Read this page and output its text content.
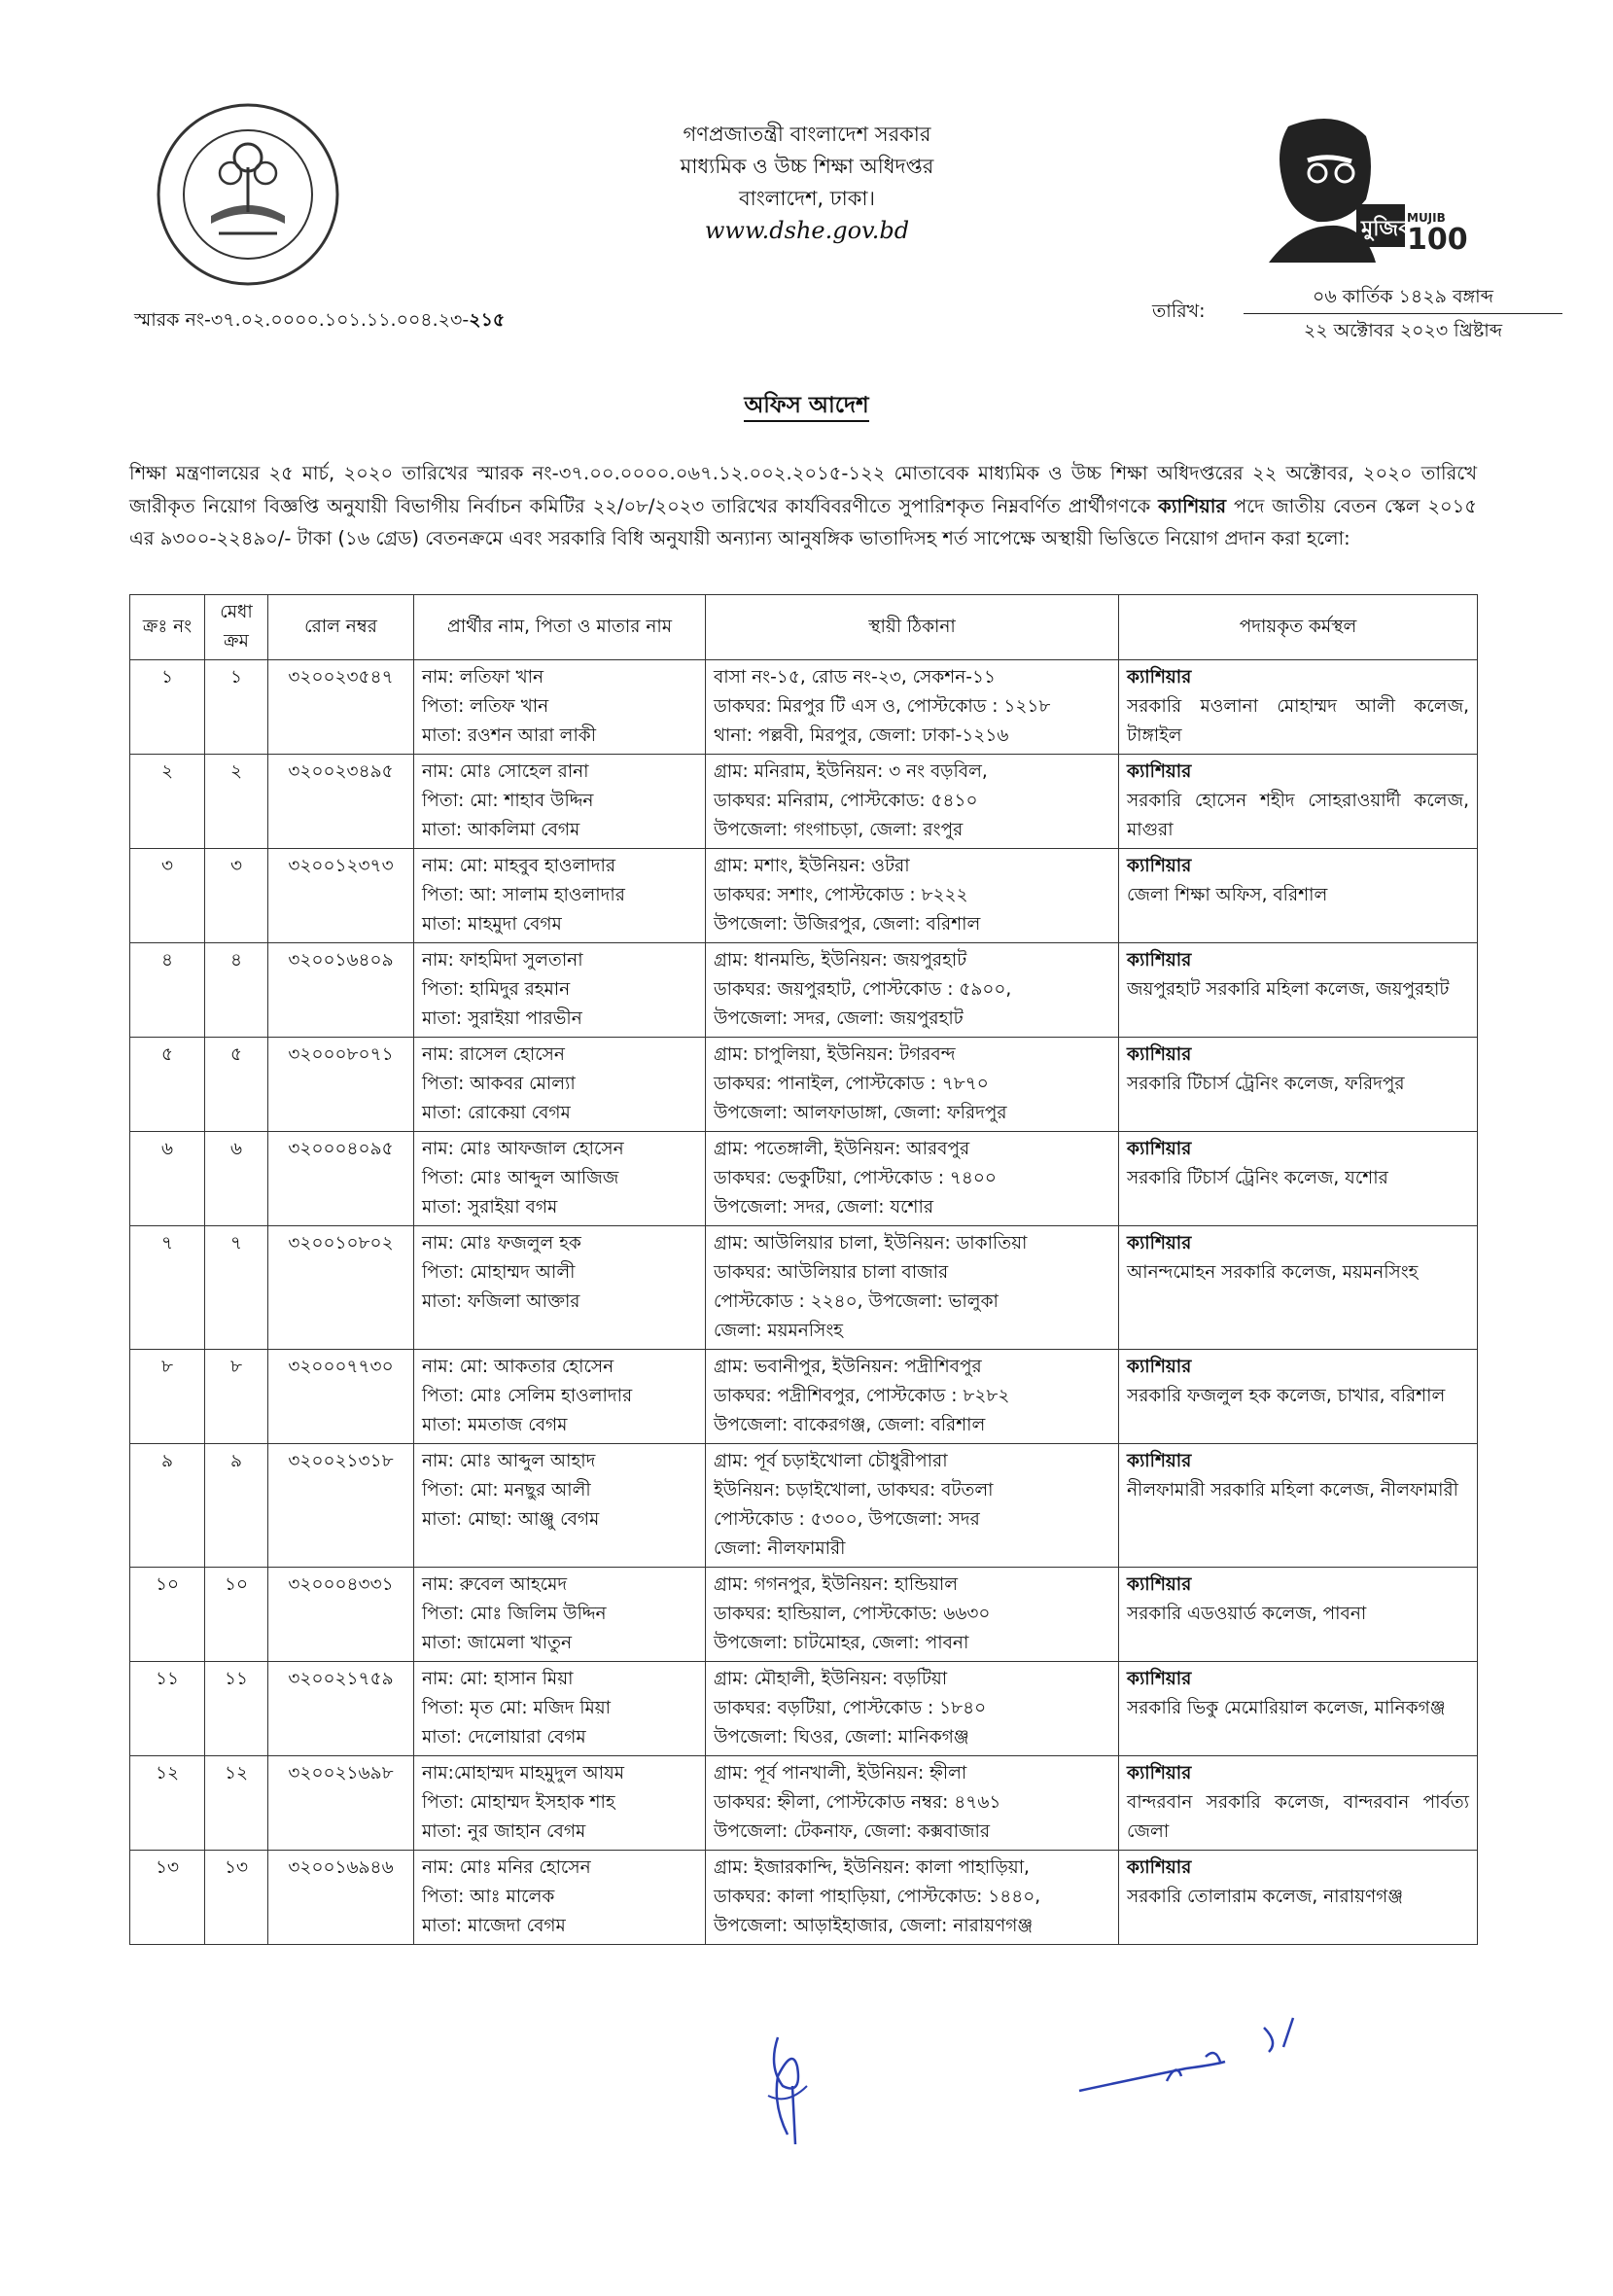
মুজিব
MUJIB
100
গণপ্রজাতন্ত্রী বাংলাদেশ সরকার
মাধ্যমিক ও উচ্চ শিক্ষা অধিদপ্তর
বাংলাদেশ, ঢাকা।
www.dshe.gov.bd
স্মারক নং-৩৭.০২.০০০০.১০১.১১.০০৪.২৩-২১৫	তারিখ:
০৬ কার্তিক ১৪২৯ বঙ্গাব্দ
২২ অক্টোবর ২০২৩ খ্রিষ্টাব্দ
অফিস আদেশ
শিক্ষা মন্ত্রণালয়ের ২৫ মার্চ, ২০২০ তারিখের স্মারক নং-৩৭.০০.০০০০.০৬৭.১২.০০২.২০১৫-১২২ মোতাবেক মাধ্যমিক ও উচ্চ শিক্ষা অধিদপ্তরের ২২ অক্টোবর, ২০২০ তারিখে জারীকৃত নিয়োগ বিজ্ঞপ্তি অনুযায়ী বিভাগীয় নির্বাচন কমিটির ২২/০৮/২০২৩ তারিখের কার্যবিবরণীতে সুপারিশকৃত নিম্নবর্ণিত প্রার্থীগণকে ক্যাশিয়ার পদে জাতীয় বেতন স্কেল ২০১৫ এর ৯৩০০-২২৪৯০/- টাকা (১৬ গ্রেড) বেতনক্রমে এবং সরকারি বিধি অনুযায়ী অন্যান্য আনুষঙ্গিক ভাতাদিসহ শর্ত সাপেক্ষে অস্থায়ী ভিত্তিতে নিয়োগ প্রদান করা হলো:
ক্রঃ নং	মেধা ক্রম	রোল নম্বর	প্রার্থীর নাম, পিতা ও মাতার নাম	স্থায়ী ঠিকানা	পদায়কৃত কর্মস্থল
১	১	৩২০০২৩৫৪৭	নাম: লতিফা খান
পিতা: লতিফ খান
মাতা: রওশন আরা লাকী	বাসা নং-১৫, রোড নং-২৩, সেকশন-১১
ডাকঘর: মিরপুর টি এস ও, পোস্টকোড : ১২১৮
থানা: পল্লবী, মিরপুর, জেলা: ঢাকা-১২১৬	ক্যাশিয়ার
সরকারি মওলানা মোহাম্মদ আলী কলেজ, টাঙ্গাইল

২	২	৩২০০২৩৪৯৫	নাম: মোঃ সোহেল রানা
পিতা: মো: শাহাব উদ্দিন
মাতা: আকলিমা বেগম	গ্রাম: মনিরাম, ইউনিয়ন: ৩ নং বড়বিল,
ডাকঘর: মনিরাম, পোস্টকোড: ৫৪১০
উপজেলা: গংগাচড়া, জেলা: রংপুর	ক্যাশিয়ার
সরকারি হোসেন শহীদ সোহরাওয়ার্দী কলেজ, মাগুরা

৩	৩	৩২০০১২৩৭৩	নাম: মো: মাহবুব হাওলাদার
পিতা: আ: সালাম হাওলাদার
মাতা: মাহমুদা বেগম	গ্রাম: মশাং, ইউনিয়ন: ওটরা
ডাকঘর: সশাং, পোস্টকোড : ৮২২২
উপজেলা: উজিরপুর, জেলা: বরিশাল	ক্যাশিয়ার
জেলা শিক্ষা অফিস, বরিশাল

৪	৪	৩২০০১৬৪০৯	নাম: ফাহমিদা সুলতানা
পিতা: হামিদুর রহমান
মাতা: সুরাইয়া পারভীন	গ্রাম: ধানমন্ডি, ইউনিয়ন: জয়পুরহাট
ডাকঘর: জয়পুরহাট, পোস্টকোড : ৫৯০০,
উপজেলা: সদর, জেলা: জয়পুরহাট	ক্যাশিয়ার
জয়পুরহাট সরকারি মহিলা কলেজ, জয়পুরহাট

৫	৫	৩২০০০৮০৭১	নাম: রাসেল হোসেন
পিতা: আকবর মোল্যা
মাতা: রোকেয়া বেগম	গ্রাম: চাপুলিয়া, ইউনিয়ন: টগরবন্দ
ডাকঘর: পানাইল, পোস্টকোড : ৭৮৭০
উপজেলা: আলফাডাঙ্গা, জেলা: ফরিদপুর	ক্যাশিয়ার
সরকারি টিচার্স ট্রেনিং কলেজ, ফরিদপুর

৬	৬	৩২০০০৪০৯৫	নাম: মোঃ আফজাল হোসেন
পিতা: মোঃ আব্দুল আজিজ
মাতা: সুরাইয়া বগম	গ্রাম: পতেঙ্গালী, ইউনিয়ন: আরবপুর
ডাকঘর: ভেকুটিয়া, পোস্টকোড : ৭৪০০
উপজেলা: সদর, জেলা: যশোর	ক্যাশিয়ার
সরকারি টিচার্স ট্রেনিং কলেজ, যশোর

৭	৭	৩২০০১০৮০২	নাম: মোঃ ফজলুল হক
পিতা: মোহাম্মদ আলী
মাতা: ফজিলা আক্তার	গ্রাম: আউলিয়ার চালা, ইউনিয়ন: ডাকাতিয়া
ডাকঘর: আউলিয়ার চালা বাজার
পোস্টকোড : ২২৪০, উপজেলা: ভালুকা
জেলা: ময়মনসিংহ	ক্যাশিয়ার
আনন্দমোহন সরকারি কলেজ, ময়মনসিংহ

৮	৮	৩২০০০৭৭৩০	নাম: মো: আকতার হোসেন
পিতা: মোঃ সেলিম হাওলাদার
মাতা: মমতাজ বেগম	গ্রাম: ভবানীপুর, ইউনিয়ন: পদ্রীশিবপুর
ডাকঘর: পদ্রীশিবপুর, পোস্টকোড : ৮২৮২
উপজেলা: বাকেরগঞ্জ, জেলা: বরিশাল	ক্যাশিয়ার
সরকারি ফজলুল হক কলেজ, চাখার, বরিশাল

৯	৯	৩২০০২১৩১৮	নাম: মোঃ আব্দুল আহাদ
পিতা: মো: মনছুর আলী
মাতা: মোছা: আঞ্জু বেগম	গ্রাম: পূর্ব চড়াইখোলা চৌধুরীপারা
ইউনিয়ন: চড়াইখোলা, ডাকঘর: বটতলা
পোস্টকোড : ৫৩০০, উপজেলা: সদর
জেলা: নীলফামারী	ক্যাশিয়ার
নীলফামারী সরকারি মহিলা কলেজ, নীলফামারী

১০	১০	৩২০০০৪৩৩১	নাম: রুবেল আহমেদ
পিতা: মোঃ জিলিম উদ্দিন
মাতা: জামেলা খাতুন	গ্রাম: গগনপুর, ইউনিয়ন: হান্ডিয়াল
ডাকঘর: হান্ডিয়াল, পোস্টকোড: ৬৬৩০
উপজেলা: চাটমোহর, জেলা: পাবনা	ক্যাশিয়ার
সরকারি এডওয়ার্ড কলেজ, পাবনা

১১	১১	৩২০০২১৭৫৯	নাম: মো: হাসান মিয়া
পিতা: মৃত মো: মজিদ মিয়া
মাতা: দেলোয়ারা বেগম	গ্রাম: মৌহালী, ইউনিয়ন: বড়টিয়া
ডাকঘর: বড়টিয়া, পোস্টকোড : ১৮৪০
উপজেলা: ঘিওর, জেলা: মানিকগঞ্জ	ক্যাশিয়ার
সরকারি ভিকু মেমোরিয়াল কলেজ, মানিকগঞ্জ

১২	১২	৩২০০২১৬৯৮	নাম:মোহাম্মদ মাহমুদুল আযম
পিতা: মোহাম্মদ ইসহাক শাহ
মাতা: নুর জাহান বেগম	গ্রাম: পূর্ব পানখালী, ইউনিয়ন: হ্নীলা
ডাকঘর: হ্নীলা, পোস্টকোড নম্বর: ৪৭৬১
উপজেলা: টেকনাফ, জেলা: কক্সবাজার	ক্যাশিয়ার
বান্দরবান সরকারি কলেজ, বান্দরবান পার্বত্য জেলা

১৩	১৩	৩২০০১৬৯৪৬	নাম: মোঃ মনির হোসেন
পিতা: আঃ মালেক
মাতা: মাজেদা বেগম	গ্রাম: ইজারকান্দি, ইউনিয়ন: কালা পাহাড়িয়া,
ডাকঘর: কালা পাহাড়িয়া, পোস্টকোড: ১৪৪০,
উপজেলা: আড়াইহাজার, জেলা: নারায়ণগঞ্জ	ক্যাশিয়ার
সরকারি তোলারাম কলেজ, নারায়ণগঞ্জ
